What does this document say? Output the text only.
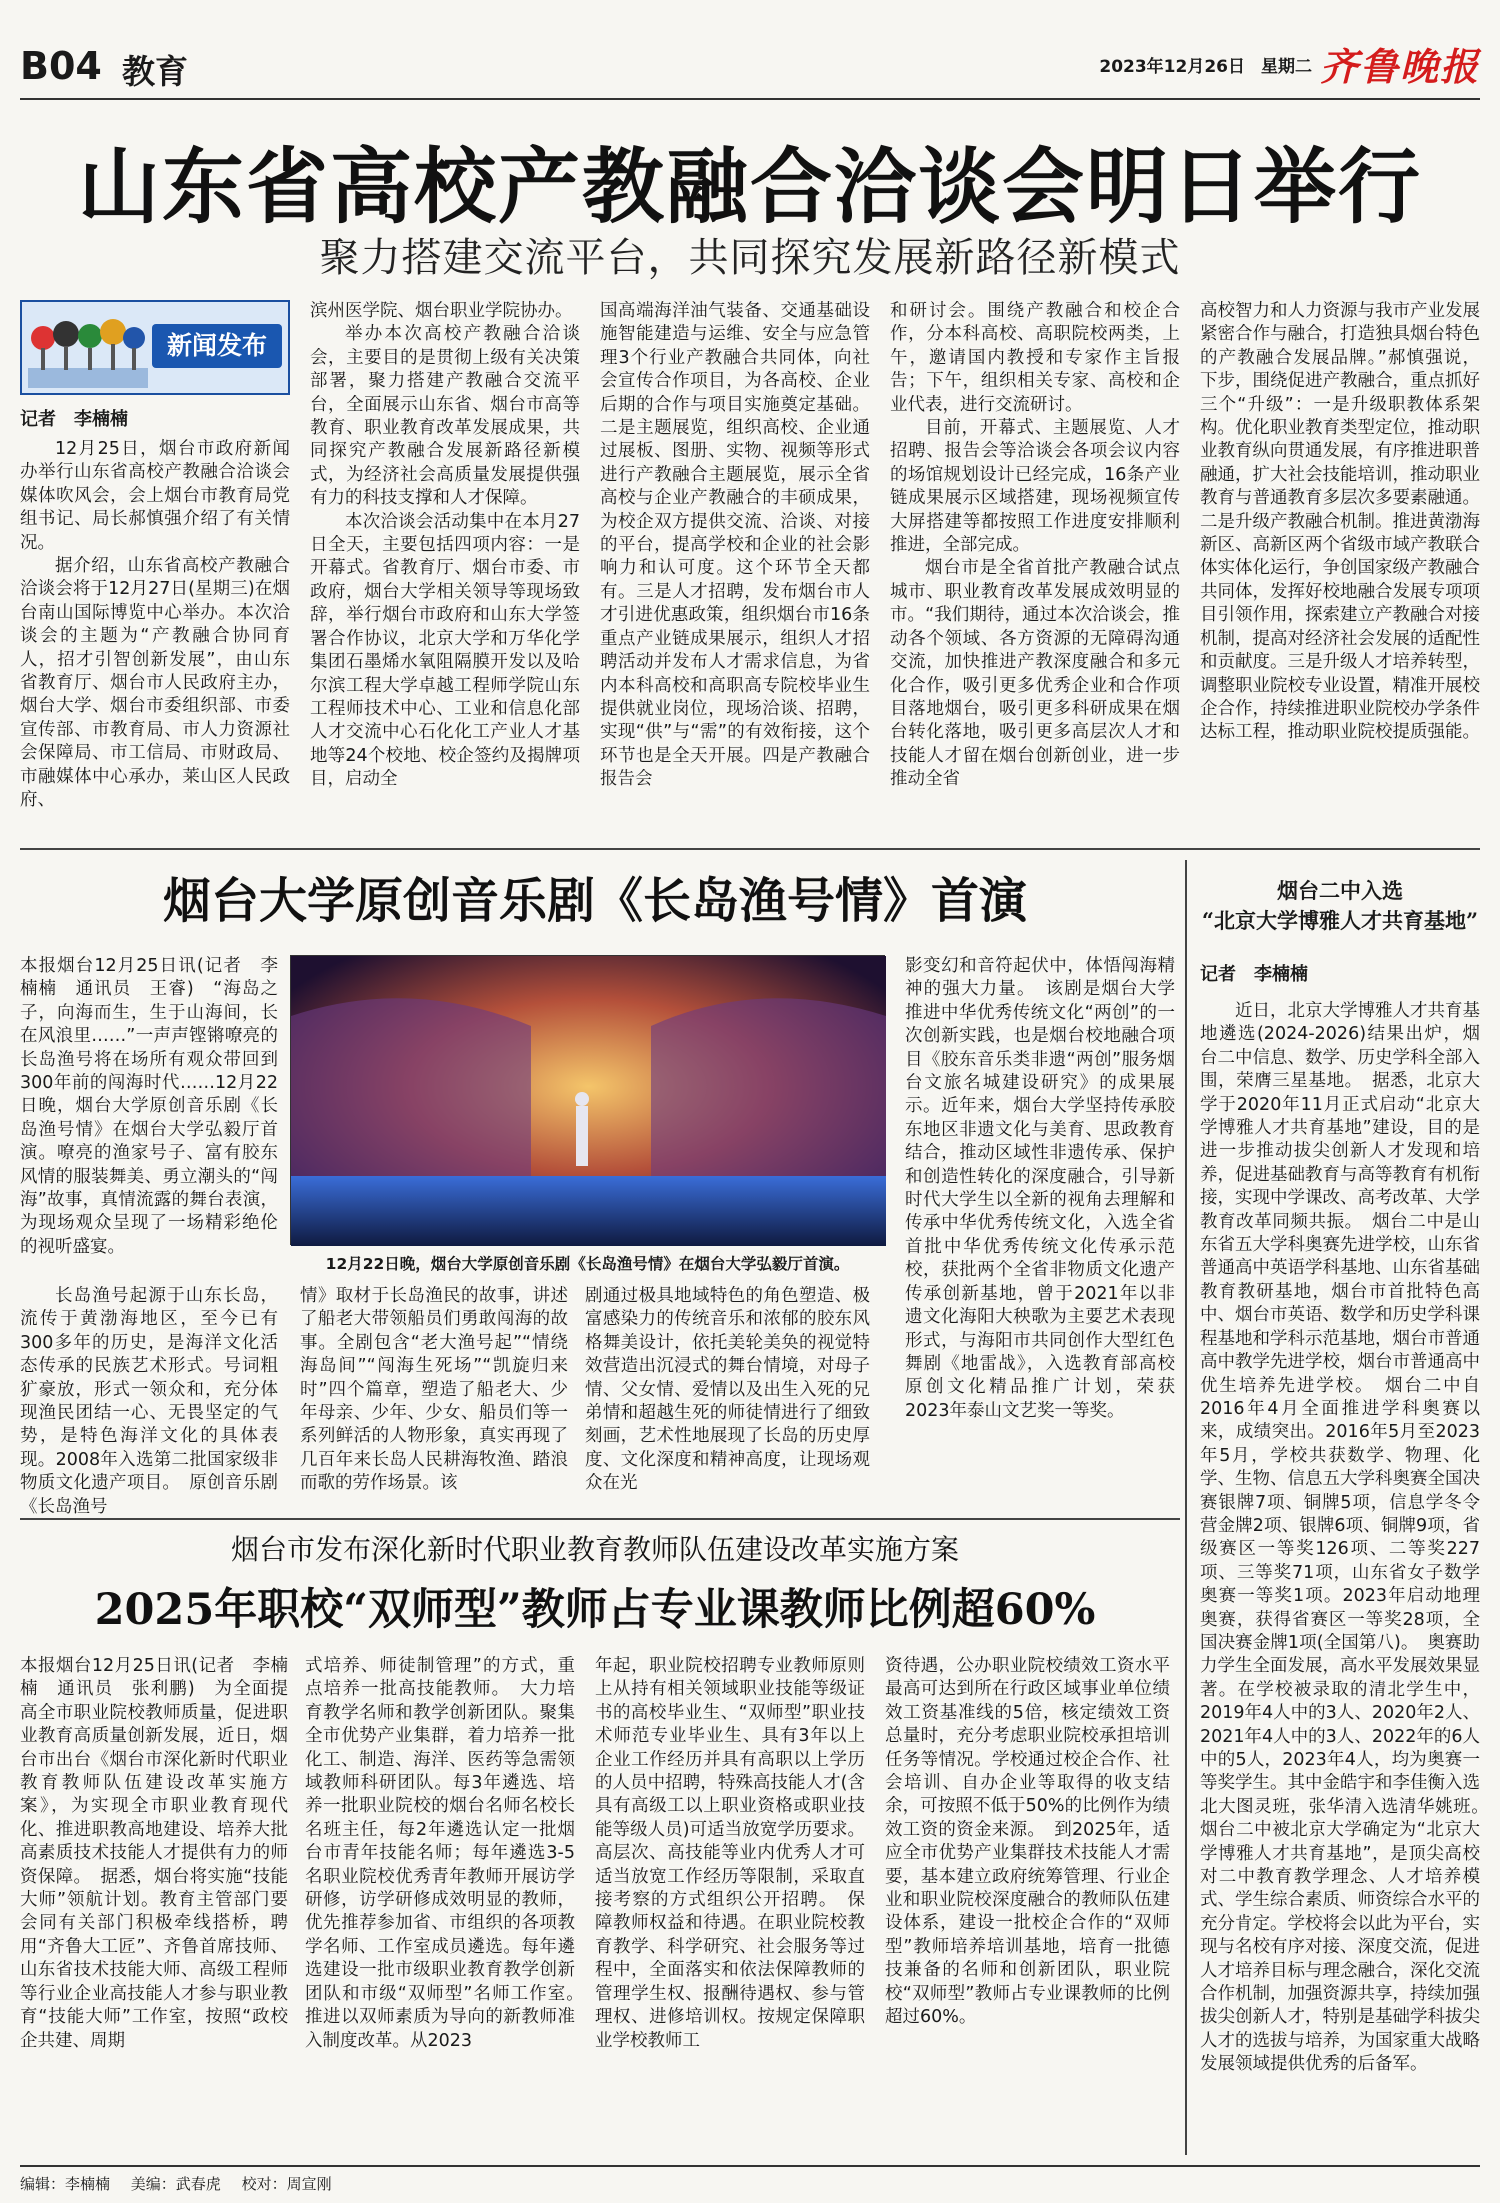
B04 教育	2023年12月26日 星期二 齐鲁晚报
山东省高校产教融合洽谈会明日举行
聚力搭建交流平台，共同探究发展新路径新模式
新闻发布
记者　李楠楠

12月25日，烟台市政府新闻办举行山东省高校产教融合洽谈会媒体吹风会，会上烟台市教育局党组书记、局长郝慎强介绍了有关情况。

据介绍，山东省高校产教融合洽谈会将于12月27日(星期三)在烟台南山国际博览中心举办。本次洽谈会的主题为“产教融合协同育人，招才引智创新发展”，由山东省教育厅、烟台市人民政府主办，烟台大学、烟台市委组织部、市委宣传部、市教育局、市人力资源社会保障局、市工信局、市财政局、市融媒体中心承办，莱山区人民政府、

滨州医学院、烟台职业学院协办。

举办本次高校产教融合洽谈会，主要目的是贯彻上级有关决策部署，聚力搭建产教融合交流平台，全面展示山东省、烟台市高等教育、职业教育改革发展成果，共同探究产教融合发展新路径新模式，为经济社会高质量发展提供强有力的科技支撑和人才保障。

本次洽谈会活动集中在本月27日全天，主要包括四项内容：一是开幕式。省教育厅、烟台市委、市政府，烟台大学相关领导等现场致辞，举行烟台市政府和山东大学签署合作协议，北京大学和万华化学集团石墨烯水氧阻隔膜开发以及哈尔滨工程大学卓越工程师学院山东工程师技术中心、工业和信息化部人才交流中心石化化工产业人才基地等24个校地、校企签约及揭牌项目，启动全

国高端海洋油气装备、交通基础设施智能建造与运维、安全与应急管理3个行业产教融合共同体，向社会宣传合作项目，为各高校、企业后期的合作与项目实施奠定基础。二是主题展览，组织高校、企业通过展板、图册、实物、视频等形式进行产教融合主题展览，展示全省高校与企业产教融合的丰硕成果，为校企双方提供交流、洽谈、对接的平台，提高学校和企业的社会影响力和认可度。这个环节全天都有。三是人才招聘，发布烟台市人才引进优惠政策，组织烟台市16条重点产业链成果展示，组织人才招聘活动并发布人才需求信息，为省内本科高校和高职高专院校毕业生提供就业岗位，现场洽谈、招聘，实现“供”与“需”的有效衔接，这个环节也是全天开展。四是产教融合报告会

和研讨会。围绕产教融合和校企合作，分本科高校、高职院校两类，上午，邀请国内教授和专家作主旨报告；下午，组织相关专家、高校和企业代表，进行交流研讨。

目前，开幕式、主题展览、人才招聘、报告会等洽谈会各项会议内容的场馆规划设计已经完成，16条产业链成果展示区域搭建，现场视频宣传大屏搭建等都按照工作进度安排顺利推进，全部完成。

烟台市是全省首批产教融合试点城市、职业教育改革发展成效明显的市。“我们期待，通过本次洽谈会，推动各个领域、各方资源的无障碍沟通交流，加快推进产教深度融合和多元化合作，吸引更多优秀企业和合作项目落地烟台，吸引更多科研成果在烟台转化落地，吸引更多高层次人才和技能人才留在烟台创新创业，进一步推动全省

高校智力和人力资源与我市产业发展紧密合作与融合，打造独具烟台特色的产教融合发展品牌。”郝慎强说，下步，围绕促进产教融合，重点抓好三个“升级”：一是升级职教体系架构。优化职业教育类型定位，推动职业教育纵向贯通发展，有序推进职普融通，扩大社会技能培训，推动职业教育与普通教育多层次多要素融通。二是升级产教融合机制。推进黄渤海新区、高新区两个省级市域产教联合体实体化运行，争创国家级产教融合共同体，发挥好校地融合发展专项项目引领作用，探索建立产教融合对接机制，提高对经济社会发展的适配性和贡献度。三是升级人才培养转型，调整职业院校专业设置，精准开展校企合作，持续推进职业院校办学条件达标工程，推动职业院校提质强能。

烟台大学原创音乐剧《长岛渔号情》首演

本报烟台12月25日讯(记者　李楠楠　通讯员　王睿)　“海岛之子，向海而生，生于山海间，长在风浪里……”一声声铿锵嘹亮的长岛渔号将在场所有观众带回到300年前的闯海时代……12月22日晚，烟台大学原创音乐剧《长岛渔号情》在烟台大学弘毅厅首演。嘹亮的渔家号子、富有胶东风情的服装舞美、勇立潮头的“闯海”故事，真情流露的舞台表演，为现场观众呈现了一场精彩绝伦的视听盛宴。

12月22日晚，烟台大学原创音乐剧《长岛渔号情》在烟台大学弘毅厅首演。

长岛渔号起源于山东长岛，流传于黄渤海地区，至今已有300多年的历史，是海洋文化活态传承的民族艺术形式。号词粗犷豪放，形式一领众和，充分体现渔民团结一心、无畏坚定的气势，是特色海洋文化的具体表现。2008年入选第二批国家级非物质文化遗产项目。　原创音乐剧《长岛渔号

情》取材于长岛渔民的故事，讲述了船老大带领船员们勇敢闯海的故事。全剧包含“老大渔号起”“情绕海岛间”“闯海生死场”“凯旋归来时”四个篇章，塑造了船老大、少年母亲、少年、少女、船员们等一系列鲜活的人物形象，真实再现了几百年来长岛人民耕海牧渔、踏浪而歌的劳作场景。该

剧通过极具地域特色的角色塑造、极富感染力的传统音乐和浓郁的胶东风格舞美设计，依托美轮美奂的视觉特效营造出沉浸式的舞台情境，对母子情、父女情、爱情以及出生入死的兄弟情和超越生死的师徒情进行了细致刻画，艺术性地展现了长岛的历史厚度、文化深度和精神高度，让现场观众在光

影变幻和音符起伏中，体悟闯海精神的强大力量。　该剧是烟台大学推进中华优秀传统文化“两创”的一次创新实践，也是烟台校地融合项目《胶东音乐类非遗“两创”服务烟台文旅名城建设研究》的成果展示。近年来，烟台大学坚持传承胶东地区非遗文化与美育、思政教育结合，推动区域性非遗传承、保护和创造性转化的深度融合，引导新时代大学生以全新的视角去理解和传承中华优秀传统文化，入选全省首批中华优秀传统文化传承示范校，获批两个全省非物质文化遗产传承创新基地，曾于2021年以非遗文化海阳大秧歌为主要艺术表现形式，与海阳市共同创作大型红色舞剧《地雷战》，入选教育部高校原创文化精品推广计划，荣获2023年泰山文艺奖一等奖。

烟台市发布深化新时代职业教育教师队伍建设改革实施方案
2025年职校“双师型”教师占专业课教师比例超60%

本报烟台12月25日讯(记者　李楠楠　通讯员　张利鹏)　为全面提高全市职业院校教师质量，促进职业教育高质量创新发展，近日，烟台市出台《烟台市深化新时代职业教育教师队伍建设改革实施方案》，为实现全市职业教育现代化、推进职教高地建设、培养大批高素质技术技能人才提供有力的师资保障。　据悉，烟台将实施“技能大师”领航计划。教育主管部门要会同有关部门积极牵线搭桥，聘用“齐鲁大工匠”、齐鲁首席技师、山东省技术技能大师、高级工程师等行业企业高技能人才参与职业教育“技能大师”工作室，按照“政校企共建、周期

式培养、师徒制管理”的方式，重点培养一批高技能教师。　大力培育教学名师和教学创新团队。聚集全市优势产业集群，着力培养一批化工、制造、海洋、医药等急需领域教师科研团队。每3年遴选、培养一批职业院校的烟台名师名校长名班主任，每2年遴选认定一批烟台市青年技能名师；每年遴选3-5名职业院校优秀青年教师开展访学研修，访学研修成效明显的教师，优先推荐参加省、市组织的各项教学名师、工作室成员遴选。每年遴选建设一批市级职业教育教学创新团队和市级“双师型”名师工作室。　推进以双师素质为导向的新教师准入制度改革。从2023

年起，职业院校招聘专业教师原则上从持有相关领域职业技能等级证书的高校毕业生、“双师型”职业技术师范专业毕业生、具有3年以上企业工作经历并具有高职以上学历的人员中招聘，特殊高技能人才(含具有高级工以上职业资格或职业技能等级人员)可适当放宽学历要求。高层次、高技能等业内优秀人才可适当放宽工作经历等限制，采取直接考察的方式组织公开招聘。　保障教师权益和待遇。在职业院校教育教学、科学研究、社会服务等过程中，全面落实和依法保障教师的管理学生权、报酬待遇权、参与管理权、进修培训权。按规定保障职业学校教师工

资待遇，公办职业院校绩效工资水平最高可达到所在行政区域事业单位绩效工资基准线的5倍，核定绩效工资总量时，充分考虑职业院校承担培训任务等情况。学校通过校企合作、社会培训、自办企业等取得的收支结余，可按照不低于50%的比例作为绩效工资的资金来源。　到2025年，适应全市优势产业集群技术技能人才需要，基本建立政府统筹管理、行业企业和职业院校深度融合的教师队伍建设体系，建设一批校企合作的“双师型”教师培养培训基地，培育一批德技兼备的名师和创新团队，职业院校“双师型”教师占专业课教师的比例超过60%。

烟台二中入选
“北京大学博雅人才共育基地”
记者　李楠楠

近日，北京大学博雅人才共育基地遴选(2024-2026)结果出炉，烟台二中信息、数学、历史学科全部入围，荣膺三星基地。　据悉，北京大学于2020年11月正式启动“北京大学博雅人才共育基地”建设，目的是进一步推动拔尖创新人才发现和培养，促进基础教育与高等教育有机衔接，实现中学课改、高考改革、大学教育改革同频共振。　烟台二中是山东省五大学科奥赛先进学校，山东省普通高中英语学科基地、山东省基础教育教研基地，烟台市首批特色高中、烟台市英语、数学和历史学科课程基地和学科示范基地，烟台市普通高中教学先进学校，烟台市普通高中优生培养先进学校。　烟台二中自2016年4月全面推进学科奥赛以来，成绩突出。2016年5月至2023年5月，学校共获数学、物理、化学、生物、信息五大学科奥赛全国决赛银牌7项、铜牌5项，信息学冬令营金牌2项、银牌6项、铜牌9项，省级赛区一等奖126项、二等奖227项、三等奖71项，山东省女子数学奥赛一等奖1项。2023年启动地理奥赛，获得省赛区一等奖28项，全国决赛金牌1项(全国第八)。　奥赛助力学生全面发展，高水平发展效果显著。在学校被录取的清北学生中，2019年4人中的3人、2020年2人、2021年4人中的3人、2022年的6人中的5人，2023年4人，均为奥赛一等奖学生。其中金皓宇和李佳衡入选北大图灵班，张华清入选清华姚班。　烟台二中被北京大学确定为“北京大学博雅人才共育基地”，是顶尖高校对二中教育教学理念、人才培养模式、学生综合素质、师资综合水平的充分肯定。学校将会以此为平台，实现与名校有序对接、深度交流，促进人才培养目标与理念融合，深化交流合作机制，加强资源共享，持续加强拔尖创新人才，特别是基础学科拔尖人才的选拔与培养，为国家重大战略发展领域提供优秀的后备军。

编辑：李楠楠 美编：武春虎 校对：周宣刚
